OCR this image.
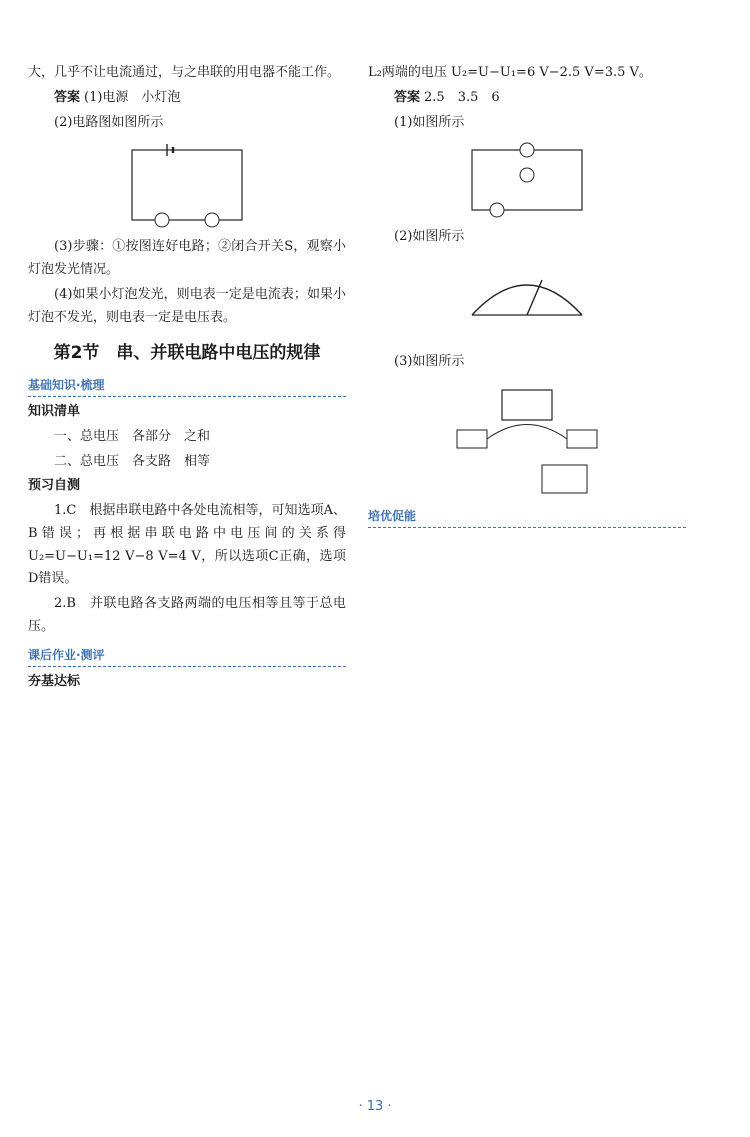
大，几乎不让电流通过，与之串联的用电器不能工作。

答案 (1)电源　小灯泡

(2)电路图如图所示

(3)步骤：①按图连好电路；②闭合开关S，观察小灯泡发光情况。

(4)如果小灯泡发光，则电表一定是电流表；如果小灯泡不发光，则电表一定是电压表。

第2节　串、并联电路中电压的规律
基础知识·梳理

知识清单

一、总电压　各部分　之和

二、总电压　各支路　相等

预习自测

1.C　根据串联电路中各处电流相等，可知选项A、B错误；再根据串联电路中电压间的关系得U₂=U−U₁=12 V−8 V=4 V，所以选项C正确，选项D错误。

2.B　并联电路各支路两端的电压相等且等于总电压。

课后作业·测评

夯基达标

L₂两端的电压 U₂=U−U₁=6 V−2.5 V=3.5 V。

答案 2.5　3.5　6

(1)如图所示

(2)如图所示

(3)如图所示

培优促能
· 13 ·
